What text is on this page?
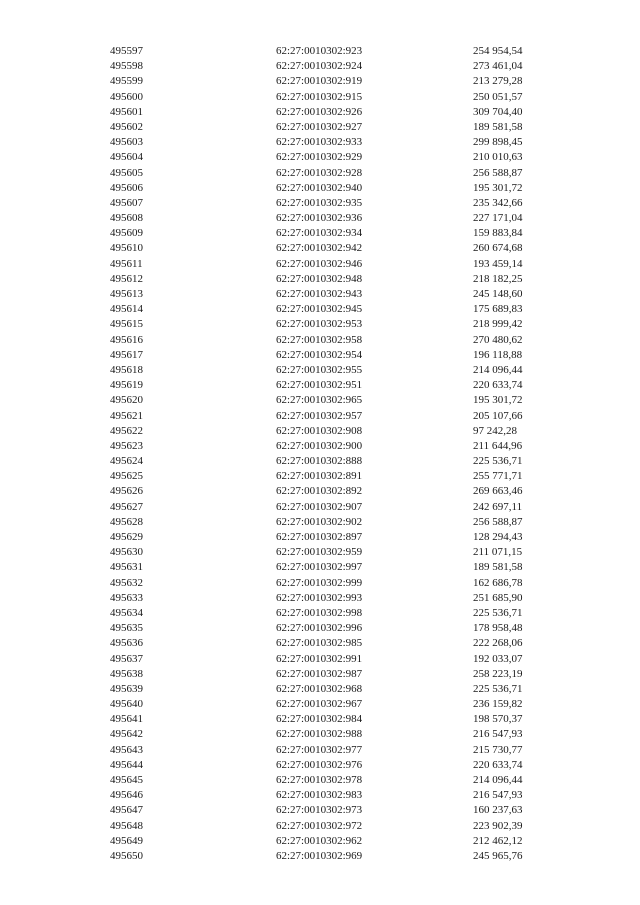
495597	62:27:0010302:923	254 954,54
495598	62:27:0010302:924	273 461,04
495599	62:27:0010302:919	213 279,28
495600	62:27:0010302:915	250 051,57
495601	62:27:0010302:926	309 704,40
495602	62:27:0010302:927	189 581,58
495603	62:27:0010302:933	299 898,45
495604	62:27:0010302:929	210 010,63
495605	62:27:0010302:928	256 588,87
495606	62:27:0010302:940	195 301,72
495607	62:27:0010302:935	235 342,66
495608	62:27:0010302:936	227 171,04
495609	62:27:0010302:934	159 883,84
495610	62:27:0010302:942	260 674,68
495611	62:27:0010302:946	193 459,14
495612	62:27:0010302:948	218 182,25
495613	62:27:0010302:943	245 148,60
495614	62:27:0010302:945	175 689,83
495615	62:27:0010302:953	218 999,42
495616	62:27:0010302:958	270 480,62
495617	62:27:0010302:954	196 118,88
495618	62:27:0010302:955	214 096,44
495619	62:27:0010302:951	220 633,74
495620	62:27:0010302:965	195 301,72
495621	62:27:0010302:957	205 107,66
495622	62:27:0010302:908	97 242,28
495623	62:27:0010302:900	211 644,96
495624	62:27:0010302:888	225 536,71
495625	62:27:0010302:891	255 771,71
495626	62:27:0010302:892	269 663,46
495627	62:27:0010302:907	242 697,11
495628	62:27:0010302:902	256 588,87
495629	62:27:0010302:897	128 294,43
495630	62:27:0010302:959	211 071,15
495631	62:27:0010302:997	189 581,58
495632	62:27:0010302:999	162 686,78
495633	62:27:0010302:993	251 685,90
495634	62:27:0010302:998	225 536,71
495635	62:27:0010302:996	178 958,48
495636	62:27:0010302:985	222 268,06
495637	62:27:0010302:991	192 033,07
495638	62:27:0010302:987	258 223,19
495639	62:27:0010302:968	225 536,71
495640	62:27:0010302:967	236 159,82
495641	62:27:0010302:984	198 570,37
495642	62:27:0010302:988	216 547,93
495643	62:27:0010302:977	215 730,77
495644	62:27:0010302:976	220 633,74
495645	62:27:0010302:978	214 096,44
495646	62:27:0010302:983	216 547,93
495647	62:27:0010302:973	160 237,63
495648	62:27:0010302:972	223 902,39
495649	62:27:0010302:962	212 462,12
495650	62:27:0010302:969	245 965,76
